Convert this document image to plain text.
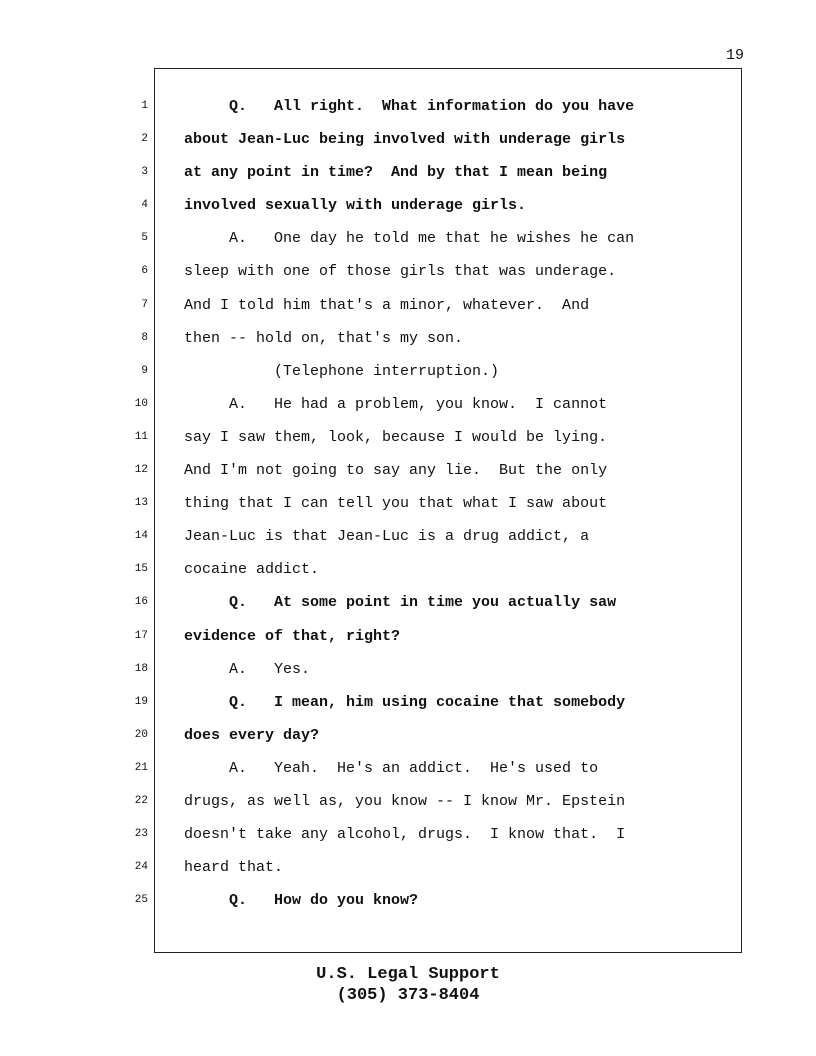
19
1
2
3
4
5
6
7
8
9
10
11
12
13
14
15
16
17
18
19
20
21
22
23
24
25
Q.   All right.  What information do you have
about Jean-Luc being involved with underage girls
at any point in time?  And by that I mean being
involved sexually with underage girls.
A.   One day he told me that he wishes he can
sleep with one of those girls that was underage.
And I told him that's a minor, whatever.  And
then -- hold on, that's my son.
(Telephone interruption.)
A.   He had a problem, you know.  I cannot
say I saw them, look, because I would be lying.
And I'm not going to say any lie.  But the only
thing that I can tell you that what I saw about
Jean-Luc is that Jean-Luc is a drug addict, a
cocaine addict.
Q.   At some point in time you actually saw
evidence of that, right?
A.   Yes.
Q.   I mean, him using cocaine that somebody
does every day?
A.   Yeah.  He's an addict.  He's used to
drugs, as well as, you know -- I know Mr. Epstein
doesn't take any alcohol, drugs.  I know that.  I
heard that.
Q.   How do you know?
U.S. Legal Support
(305) 373-8404
